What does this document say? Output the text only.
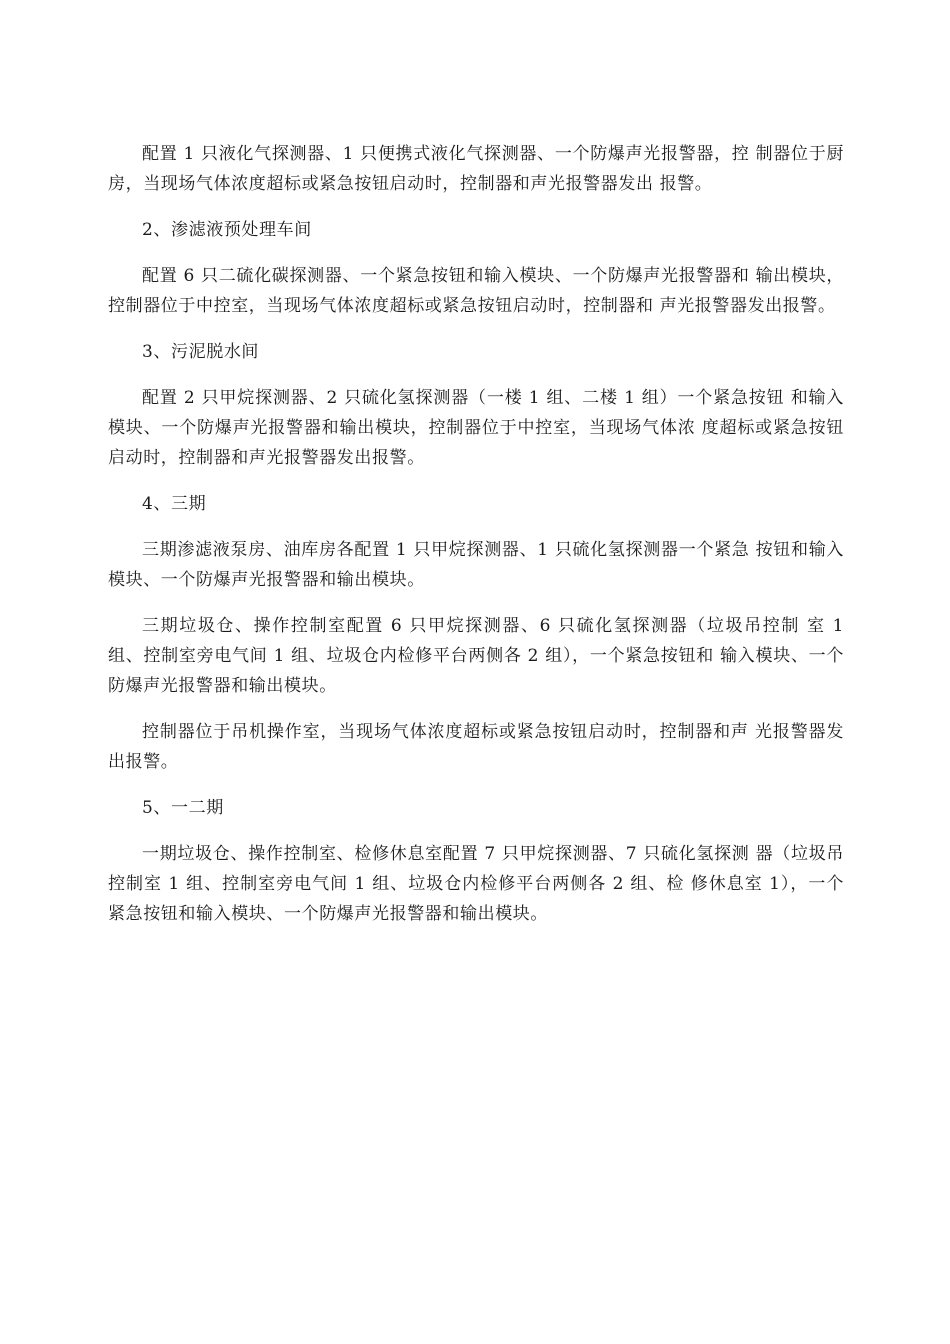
配置 1 只液化气探测器、1 只便携式液化气探测器、一个防爆声光报警器，控 制器位于厨房，当现场气体浓度超标或紧急按钮启动时，控制器和声光报警器发出 报警。

2、渗滤液预处理车间

配置 6 只二硫化碳探测器、一个紧急按钮和输入模块、一个防爆声光报警器和 输出模块，控制器位于中控室，当现场气体浓度超标或紧急按钮启动时，控制器和 声光报警器发出报警。

3、污泥脱水间

配置 2 只甲烷探测器、2 只硫化氢探测器（一楼 1 组、二楼 1 组）一个紧急按钮 和输入模块、一个防爆声光报警器和输出模块，控制器位于中控室，当现场气体浓 度超标或紧急按钮启动时，控制器和声光报警器发出报警。

4、三期

三期渗滤液泵房、油库房各配置 1 只甲烷探测器、1 只硫化氢探测器一个紧急 按钮和输入模块、一个防爆声光报警器和输出模块。

三期垃圾仓、操作控制室配置 6 只甲烷探测器、6 只硫化氢探测器（垃圾吊控制 室 1 组、控制室旁电气间 1 组、垃圾仓内检修平台两侧各 2 组），一个紧急按钮和 输入模块、一个防爆声光报警器和输出模块。

控制器位于吊机操作室，当现场气体浓度超标或紧急按钮启动时，控制器和声 光报警器发出报警。

5、一二期

一期垃圾仓、操作控制室、检修休息室配置 7 只甲烷探测器、7 只硫化氢探测 器（垃圾吊控制室 1 组、控制室旁电气间 1 组、垃圾仓内检修平台两侧各 2 组、检 修休息室 1），一个紧急按钮和输入模块、一个防爆声光报警器和输出模块。
